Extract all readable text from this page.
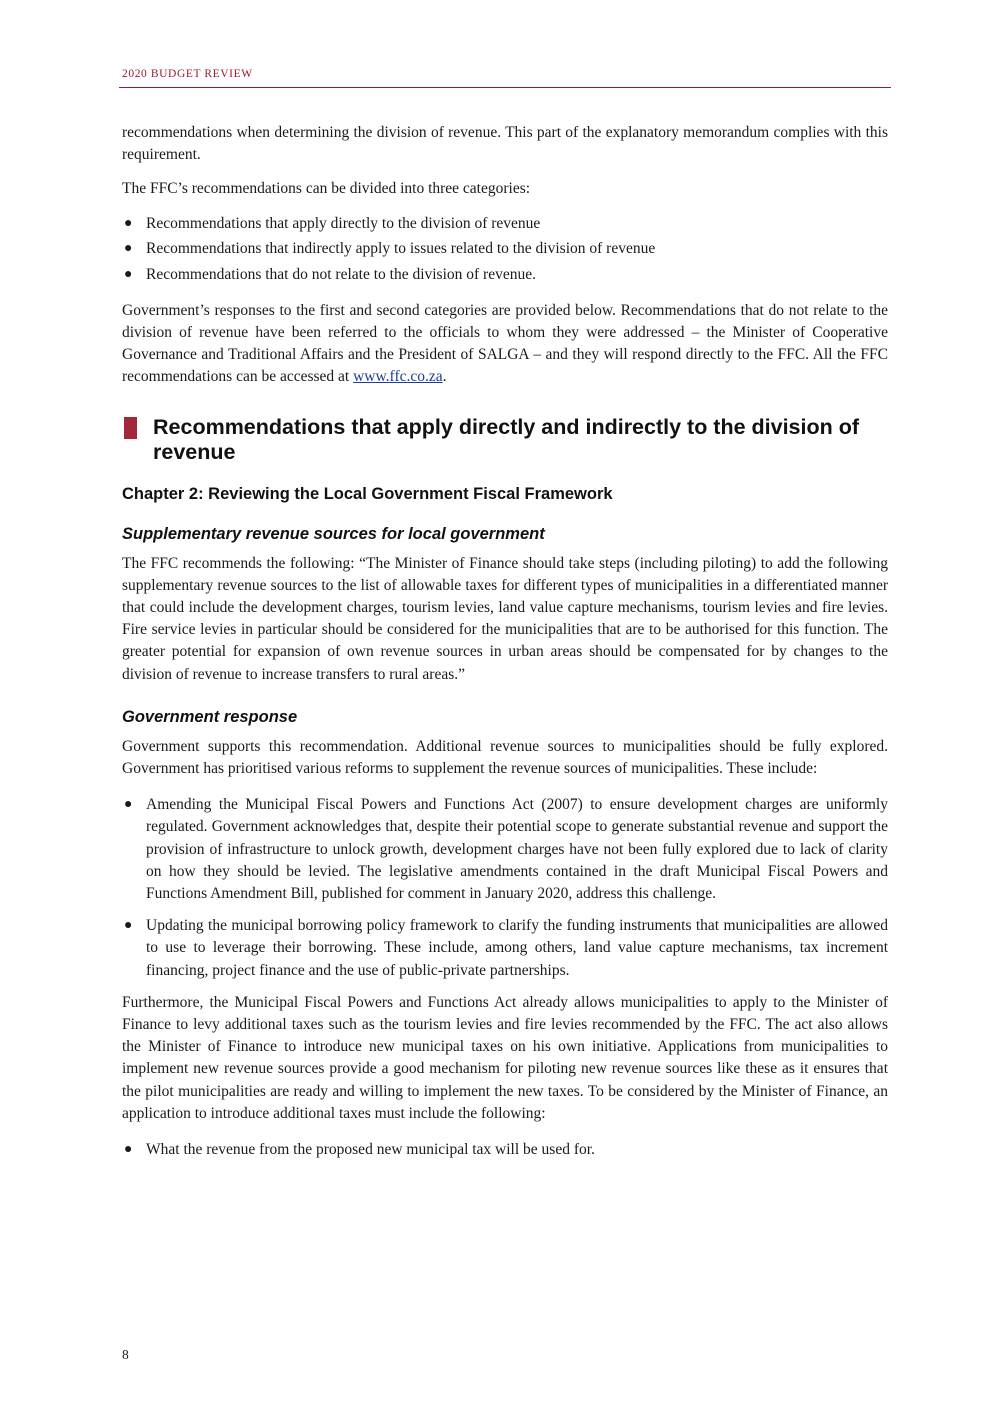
2020 BUDGET REVIEW

recommendations when determining the division of revenue. This part of the explanatory memorandum complies with this requirement.

The FFC’s recommendations can be divided into three categories:

● Recommendations that apply directly to the division of revenue
● Recommendations that indirectly apply to issues related to the division of revenue
● Recommendations that do not relate to the division of revenue.

Government’s responses to the first and second categories are provided below. Recommendations that do not relate to the division of revenue have been referred to the officials to whom they were addressed – the Minister of Cooperative Governance and Traditional Affairs and the President of SALGA – and they will respond directly to the FFC. All the FFC recommendations can be accessed at www.ffc.co.za.

Recommendations that apply directly and indirectly to the division of revenue
Chapter 2: Reviewing the Local Government Fiscal Framework
Supplementary revenue sources for local government

The FFC recommends the following: “The Minister of Finance should take steps (including piloting) to add the following supplementary revenue sources to the list of allowable taxes for different types of municipalities in a differentiated manner that could include the development charges, tourism levies, land value capture mechanisms, tourism levies and fire levies. Fire service levies in particular should be considered for the municipalities that are to be authorised for this function. The greater potential for expansion of own revenue sources in urban areas should be compensated for by changes to the division of revenue to increase transfers to rural areas.”

Government response

Government supports this recommendation. Additional revenue sources to municipalities should be fully explored. Government has prioritised various reforms to supplement the revenue sources of municipalities. These include:

● Amending the Municipal Fiscal Powers and Functions Act (2007) to ensure development charges are uniformly regulated. Government acknowledges that, despite their potential scope to generate substantial revenue and support the provision of infrastructure to unlock growth, development charges have not been fully explored due to lack of clarity on how they should be levied. The legislative amendments contained in the draft Municipal Fiscal Powers and Functions Amendment Bill, published for comment in January 2020, address this challenge.
● Updating the municipal borrowing policy framework to clarify the funding instruments that municipalities are allowed to use to leverage their borrowing. These include, among others, land value capture mechanisms, tax increment financing, project finance and the use of public-private partnerships.

Furthermore, the Municipal Fiscal Powers and Functions Act already allows municipalities to apply to the Minister of Finance to levy additional taxes such as the tourism levies and fire levies recommended by the FFC. The act also allows the Minister of Finance to introduce new municipal taxes on his own initiative. Applications from municipalities to implement new revenue sources provide a good mechanism for piloting new revenue sources like these as it ensures that the pilot municipalities are ready and willing to implement the new taxes. To be considered by the Minister of Finance, an application to introduce additional taxes must include the following:

● What the revenue from the proposed new municipal tax will be used for.
8
